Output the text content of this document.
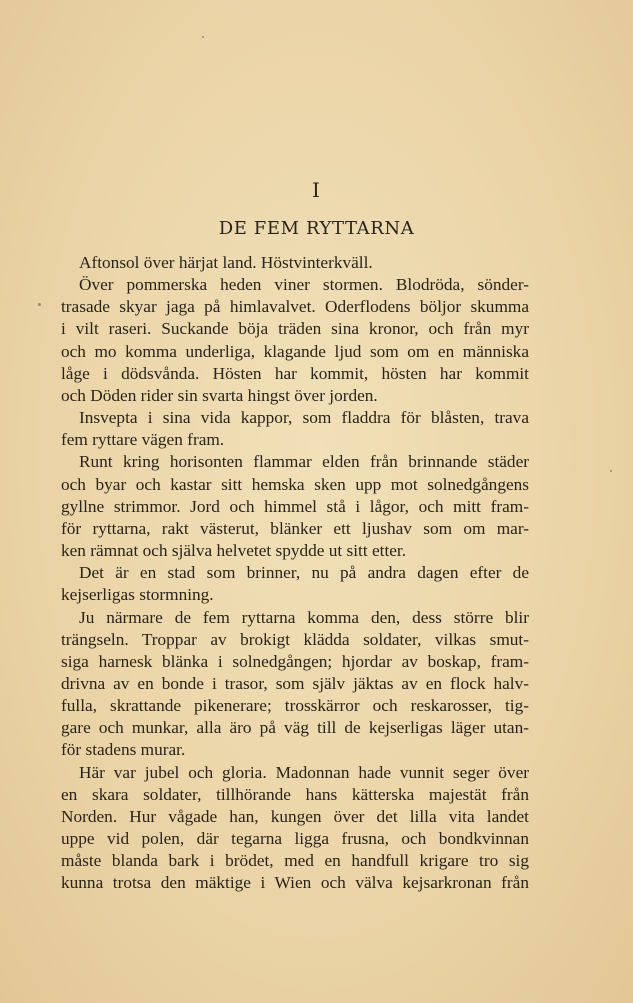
I
DE FEM RYTTARNA
Aftonsol över härjat land. Höstvinterkväll.
Över pommerska heden viner stormen. Blodröda, sönder-
trasade skyar jaga på himlavalvet. Oderflodens böljor skumma
i vilt raseri. Suckande böja träden sina kronor, och från myr
och mo komma underliga, klagande ljud som om en människa
låge i dödsvånda. Hösten har kommit, hösten har kommit
och Döden rider sin svarta hingst över jorden.
Insvepta i sina vida kappor, som fladdra för blåsten, trava
fem ryttare vägen fram.
Runt kring horisonten flammar elden från brinnande städer
och byar och kastar sitt hemska sken upp mot solnedgångens
gyllne strimmor. Jord och himmel stå i lågor, och mitt fram-
för ryttarna, rakt västerut, blänker ett ljushav som om mar-
ken rämnat och själva helvetet spydde ut sitt etter.
Det är en stad som brinner, nu på andra dagen efter de
kejserligas stormning.
Ju närmare de fem ryttarna komma den, dess större blir
trängseln. Troppar av brokigt klädda soldater, vilkas smut-
siga harnesk blänka i solnedgången; hjordar av boskap, fram-
drivna av en bonde i trasor, som själv jäktas av en flock halv-
fulla, skrattande pikenerare; trosskärror och reskarosser, tig-
gare och munkar, alla äro på väg till de kejserligas läger utan-
för stadens murar.
Här var jubel och gloria. Madonnan hade vunnit seger över
en skara soldater, tillhörande hans kätterska majestät från
Norden. Hur vågade han, kungen över det lilla vita landet
uppe vid polen, där tegarna ligga frusna, och bondkvinnan
måste blanda bark i brödet, med en handfull krigare tro sig
kunna trotsa den mäktige i Wien och välva kejsarkronan från
